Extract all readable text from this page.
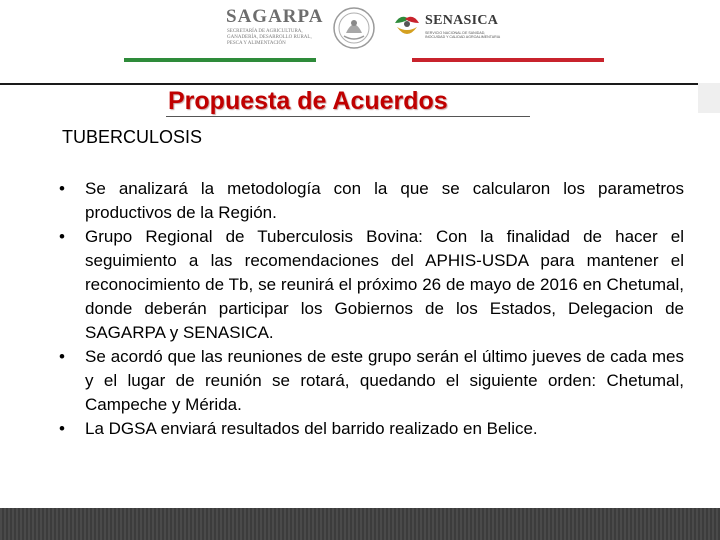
SAGARPA
SECRETARÍA DE AGRICULTURA, GANADERÍA, DESARROLLO RURAL, PESCA Y ALIMENTACIÓN
SENASICA
SERVICIO NACIONAL DE SANIDAD, INOCUIDAD Y CALIDAD AGROALIMENTARIA
Propuesta de Acuerdos
TUBERCULOSIS
• Se analizará la metodología con la que se calcularon los parametros productivos de la Región.
• Grupo Regional de Tuberculosis Bovina: Con la finalidad de hacer el seguimiento a las recomendaciones del APHIS-USDA para mantener el reconocimiento de Tb, se reunirá el próximo 26 de mayo de 2016 en Chetumal, donde deberán participar los Gobiernos de los Estados, Delegacion de SAGARPA y SENASICA.
• Se acordó que las reuniones de este grupo serán el último jueves de cada mes y el lugar de reunión se rotará, quedando el siguiente orden: Chetumal, Campeche y Mérida.
• La DGSA enviará resultados del barrido realizado en Belice.
